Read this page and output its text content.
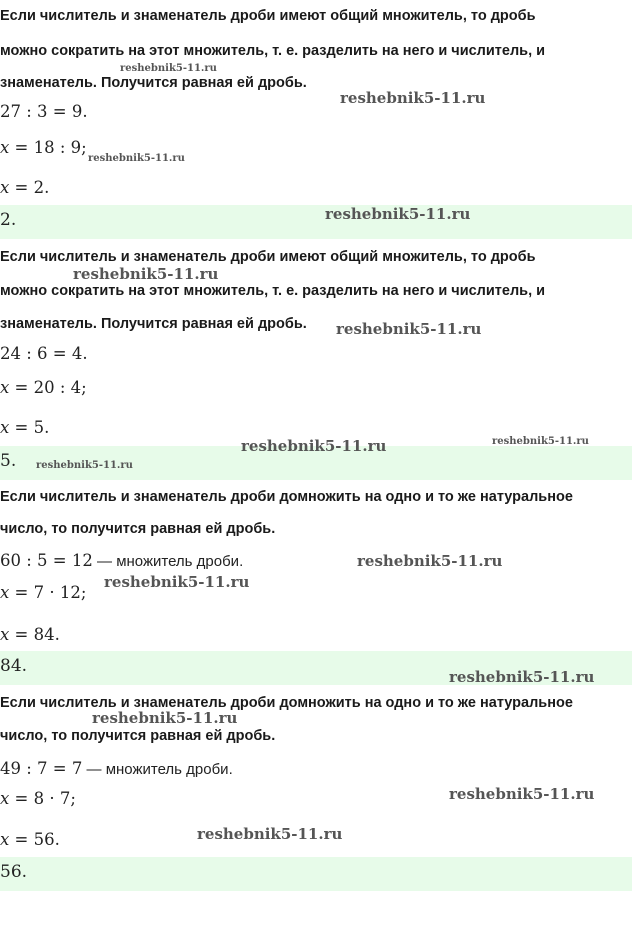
Если числитель и знаменатель дроби имеют общий множитель, то дробь

можно сократить на этот множитель, т. е. разделить на него и числитель, и

знаменатель. Получится равная ей дробь.

27 : 3 = 9.

x = 18 : 9;

x = 2.

2.

Если числитель и знаменатель дроби имеют общий множитель, то дробь

можно сократить на этот множитель, т. е. разделить на него и числитель, и

знаменатель. Получится равная ей дробь.

24 : 6 = 4.

x = 20 : 4;

x = 5.

5.

Если числитель и знаменатель дроби домножить на одно и то же натуральное

число, то получится равная ей дробь.

60 : 5 = 12 — множитель дроби.

x = 7 · 12;

x = 84.

84.

Если числитель и знаменатель дроби домножить на одно и то же натуральное

число, то получится равная ей дробь.

49 : 7 = 7 — множитель дроби.

x = 8 · 7;

x = 56.

56.
reshebnik5-11.ru
reshebnik5-11.ru
reshebnik5-11.ru
reshebnik5-11.ru
reshebnik5-11.ru
reshebnik5-11.ru
reshebnik5-11.ru	reshebnik5-11.ru
reshebnik5-11.ru
reshebnik5-11.ru
reshebnik5-11.ru
reshebnik5-11.ru
reshebnik5-11.ru
reshebnik5-11.ru
reshebnik5-11.ru
